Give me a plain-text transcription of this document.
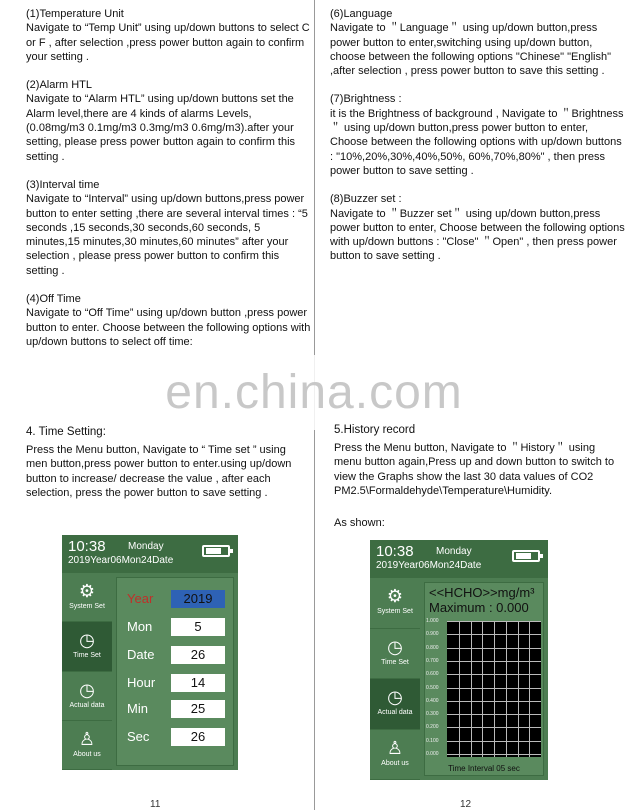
(1)Temperature Unit
Navigate to “Temp Unit” using up/down buttons to select C or F , after selection ,press power button again to confirm your setting .

(2)Alarm HTL
Navigate to “Alarm HTL” using up/down buttons set the Alarm level,there are 4 kinds of alarms Levels, (0.08mg/m3 0.1mg/m3 0.3mg/m3 0.6mg/m3).after your setting, please press power button again to confirm this setting .

(3)Interval time
Navigate to “Interval” using up/down buttons,press power button to enter setting ,there are several interval times : “5 seconds ,15 seconds,30 seconds,60 seconds, 5 minutes,15 minutes,30 minutes,60 minutes” after your selection , please press power button to confirm this setting .

(4)Off Time
Navigate to “Off Time” using up/down button ,press power button to enter. Choose between the following options with up/down buttons to select off time:

(6)Language
Navigate to ＂Language＂ using up/down button,press power button to enter,switching using up/down button, choose between the following options "Chinese" "English" ,after selection , press power button to save this setting .

(7)Brightness :
it is the Brightness of background , Navigate to ＂Brightness＂ using up/down button,press power button to enter, Choose between the following options with up/down buttons : "10%,20%,30%,40%,50%, 60%,70%,80%" , then press power button to save setting .

(8)Buzzer set :
Navigate to ＂Buzzer set＂ using up/down button,press power button to enter, Choose between the following options with up/down buttons : "Close" ＂Open" , then press power button to save setting .

en.china.com
4. Time Setting:
Press the Menu button, Navigate to “ Time set ” using men button,press power button to enter.using up/down button to increase/ decrease the value , after each selection, press the power button to save setting .
5.History record
Press the Menu button, Navigate to ＂History＂ using menu button again,Press up and down button to switch to view the Graphs show the last 30 data values of CO2 PM2.5\Formaldehyde\Temperature\Humidity.
As shown:
10:38	Monday
2019Year06Mon24Date
⚙
System Set
◷
Time Set
◷
Actual data
♙
About us
Year	2019
Mon	5
Date	26
Hour	14
Min	25
Sec	26
10:38	Monday
2019Year06Mon24Date
⚙
System Set
◷
Time Set
◷
Actual data
♙
About us
<<HCHO>>mg/m³
Maximum : 0.000
1.000
0.900
0.800
0.700
0.600
0.500
0.400
0.300
0.200
0.100
0.000
Time Interval 05 sec
11	12
